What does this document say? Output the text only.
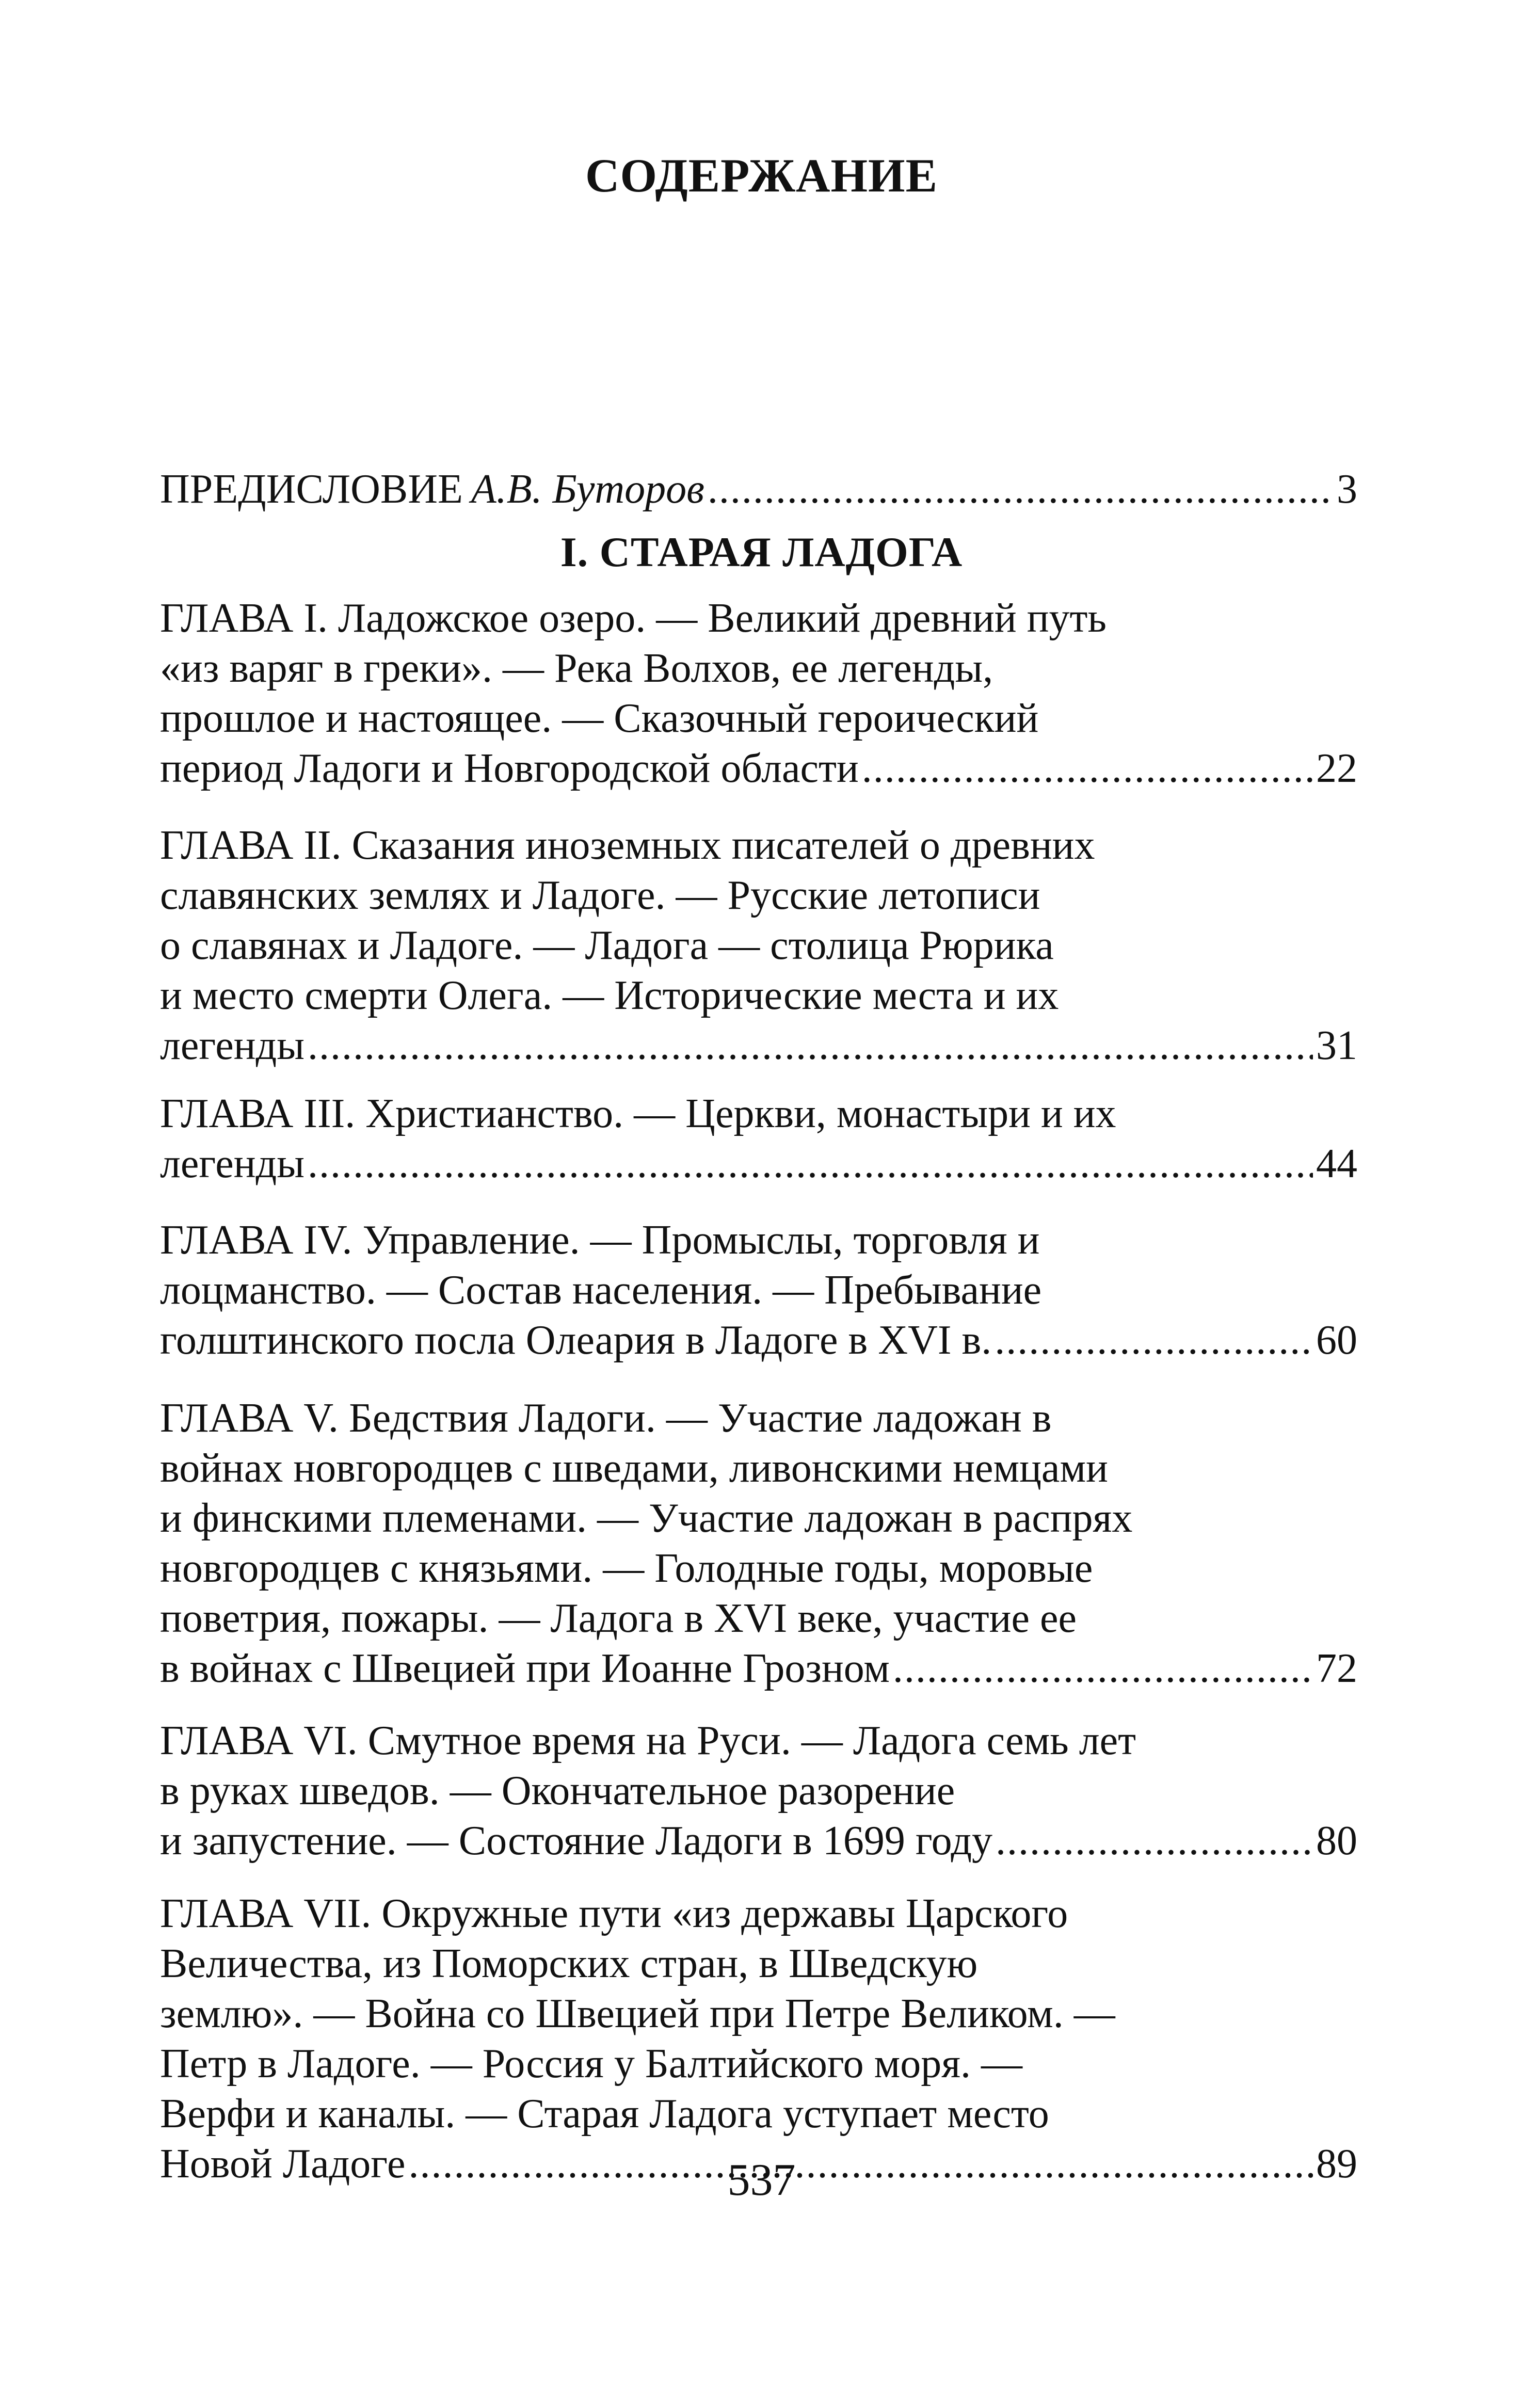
СОДЕРЖАНИЕ
ПРЕДИСЛОВИЕ А.В. Буторов .....	3
I. СТАРАЯ ЛАДОГА
ГЛАВА I. Ладожское озеро. — Великий древний путь
«из варяг в греки». — Река Волхов, ее легенды,
прошлое и настоящее. — Сказочный героический
период Ладоги и Новгородской области .....	22
ГЛАВА II. Сказания иноземных писателей о древних
славянских землях и Ладоге. — Русские летописи
о славянах и Ладоге. — Ладога — столица Рюрика
и место смерти Олега. — Исторические места и их
легенды .....	31
ГЛАВА III. Христианство. — Церкви, монастыри и их
легенды .....	44
ГЛАВА IV. Управление. — Промыслы, торговля и
лоцманство. — Состав населения. — Пребывание
голштинского посла Олеария в Ладоге в XVI в. .....	60
ГЛАВА V. Бедствия Ладоги. — Участие ладожан в
войнах новгородцев с шведами, ливонскими немцами
и финскими племенами. — Участие ладожан в распрях
новгородцев с князьями. — Голодные годы, моровые
поветрия, пожары. — Ладога в XVI веке, участие ее
в войнах с Швецией при Иоанне Грозном .....	72
ГЛАВА VI. Смутное время на Руси. — Ладога семь лет
в руках шведов. — Окончательное разорение
и запустение. — Состояние Ладоги в 1699 году .....	80
ГЛАВА VII. Окружные пути «из державы Царского
Величества, из Поморских стран, в Шведскую
землю». — Война со Швецией при Петре Великом. —
Петр в Ладоге. — Россия у Балтийского моря. —
Верфи и каналы. — Старая Ладога уступает место
Новой Ладоге .....	89
537
